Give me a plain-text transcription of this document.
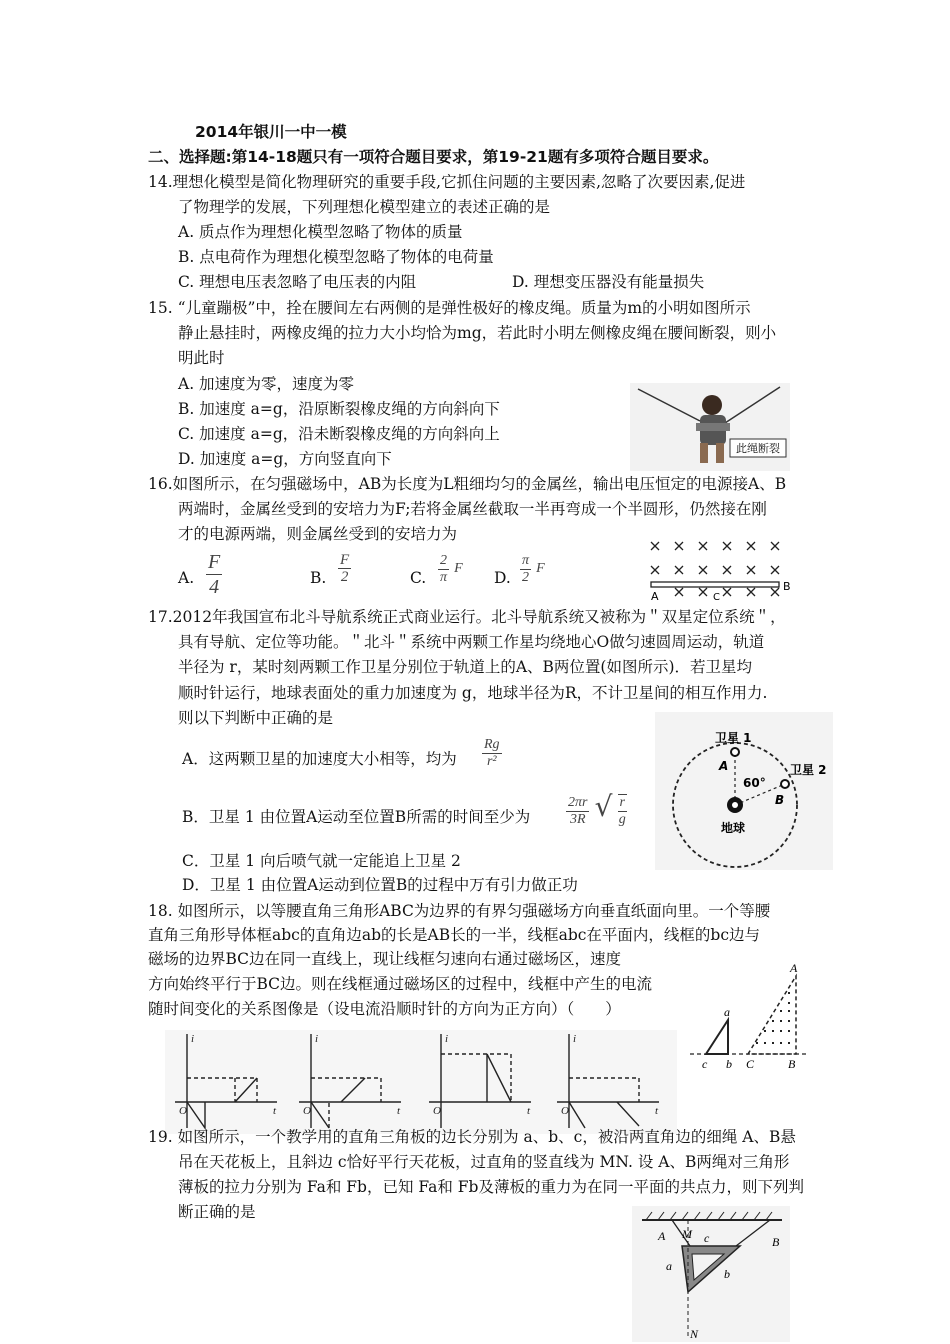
2014年银川一中一模
二、选择题:第14-18题只有一项符合题目要求，第19-21题有多项符合题目要求。
14.理想化模型是简化物理研究的重要手段,它抓住问题的主要因素,忽略了次要因素,促进
了物理学的发展，下列理想化模型建立的表述正确的是
A. 质点作为理想化模型忽略了物体的质量
B. 点电荷作为理想化模型忽略了物体的电荷量
C. 理想电压表忽略了电压表的内阻	D. 理想变压器没有能量损失
15. “儿童蹦极”中，拴在腰间左右两侧的是弹性极好的橡皮绳。质量为m的小明如图所示
静止悬挂时，两橡皮绳的拉力大小均恰为mg，若此时小明左侧橡皮绳在腰间断裂，则小
明此时
A. 加速度为零，速度为零
B. 加速度 a=g，沿原断裂橡皮绳的方向斜向下
C. 加速度 a=g，沿未断裂橡皮绳的方向斜向上
D. 加速度 a=g，方向竖直向下
此绳断裂
16.如图所示，在匀强磁场中，AB为长度为L粗细均匀的金属丝，输出电压恒定的电源接A、B
两端时，金属丝受到的安培力为F;若将金属丝截取一半再弯成一个半圆形，仍然接在刚
才的电源两端，则金属丝受到的安培力为
A. $\frac{F}{4}$	B. $\frac{F}{2}$	C. $\frac{2}{\pi}$ F
D. $\frac{\pi}{2}$ F
A
B
C
17.2012年我国宣布北斗导航系统正式商业运行。北斗导航系统又被称为＂双星定位系统＂，
具有导航、定位等功能。＂北斗＂系统中两颗工作星均绕地心O做匀速圆周运动，轨道
半径为 r，某时刻两颗工作卫星分别位于轨道上的A、B两位置(如图所示)．若卫星均
顺时针运行，地球表面处的重力加速度为 g，地球半径为R，不计卫星间的相互作用力.
则以下判断中正确的是
A．这两颗卫星的加速度大小相等，均为 $\frac{Rg}{\text{r²}}$
B．卫星 1 由位置A运动至位置B所需的时间至少为	$\frac{2\pi r}{3R}$ √ $\frac{r}{g}$
C．卫星 1 向后喷气就一定能追上卫星 2
D．卫星 1 由位置A运动到位置B的过程中万有引力做正功
卫星 1
卫星 2
A
B
60°
地球
18. 如图所示，以等腰直角三角形ABC为边界的有界匀强磁场方向垂直纸面向里。一个等腰
直角三角形导体框abc的直角边ab的长是AB长的一半，线框abc在平面内，线框的bc边与
磁场的边界BC边在同一直线上，现让线框匀速向右通过磁场区，速度
方向始终平行于BC边。则在线框通过磁场区的过程中，线框中产生的电流
随时间变化的关系图像是（设电流沿顺时针的方向为正方向）（　　）	a
c b C	B
A
i
t
O
i
t
O
i
t
O
i
t
O
19. 如图所示，一个教学用的直角三角板的边长分别为 a、b、c，被沿两直角边的细绳 A、B悬
吊在天花板上，且斜边 c恰好平行天花板，过直角的竖直线为 MN. 设 A、B两绳对三角形
薄板的拉力分别为 Fa和 Fb，已知 Fa和 Fb及薄板的重力为在同一平面的共点力，则下列判
断正确的是
A M c	B
a
b
N
